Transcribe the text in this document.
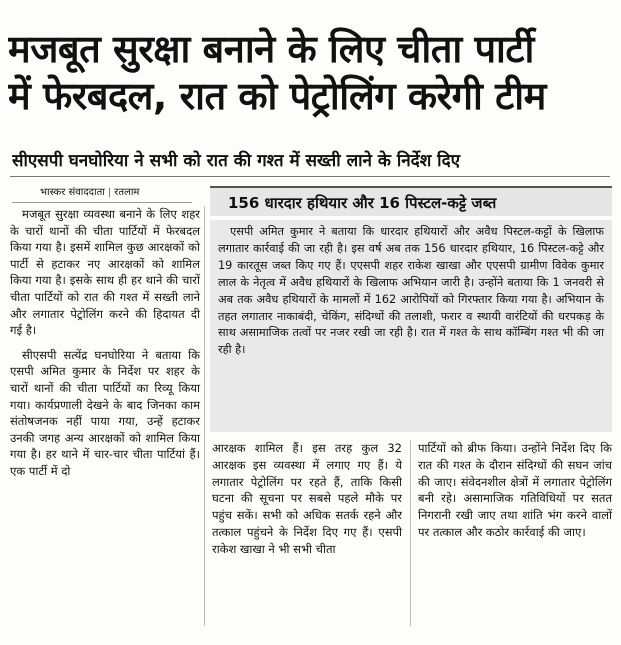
मजबूत सुरक्षा बनाने के लिए चीता पार्टी
में फेरबदल, रात को पेट्रोलिंग करेगी टीम
सीएसपी घनघोरिया ने सभी को रात की गश्त में सख्ती लाने के निर्देश दिए
भास्कर संवाददाता | रतलाम

मजबूत सुरक्षा व्यवस्था बनाने के लिए शहर के चारों थानों की चीता पार्टियों में फेरबदल किया गया है। इसमें शामिल कुछ आरक्षकों को पार्टी से हटाकर नए आरक्षकों को शामिल किया गया है। इसके साथ ही हर थाने की चारों चीता पार्टियों को रात की गश्त में सख्ती लाने और लगातार पेट्रोलिंग करने की हिदायत दी गई है।

सीएसपी सत्येंद्र घनघोरिया ने बताया कि एसपी अमित कुमार के निर्देश पर शहर के चारों थानों की चीता पार्टियों का रिव्यू किया गया। कार्यप्रणाली देखने के बाद जिनका काम संतोषजनक नहीं पाया गया, उन्हें हटाकर उनकी जगह अन्य आरक्षकों को शामिल किया गया है। हर थाने में चार-चार चीता पार्टियां हैं। एक पार्टी में दो

156 धारदार हथियार और 16 पिस्टल-कट्टे जब्त

एसपी अमित कुमार ने बताया कि धारदार हथियारों और अवैध पिस्टल-कट्टों के खिलाफ लगातार कार्रवाई की जा रही है। इस वर्ष अब तक 156 धारदार हथियार, 16 पिस्टल-कट्टे और 19 कारतूस जब्त किए गए हैं। एएसपी शहर राकेश खाखा और एएसपी ग्रामीण विवेक कुमार लाल के नेतृत्व में अवैध हथियारों के खिलाफ अभियान जारी है। उन्होंने बताया कि 1 जनवरी से अब तक अवैध हथियारों के मामलों में 162 आरोपियों को गिरफ्तार किया गया है। अभियान के तहत लगातार नाकाबंदी, चेकिंग, संदिग्धों की तलाशी, फरार व स्थायी वारंटियों की धरपकड़ के साथ असामाजिक तत्वों पर नजर रखी जा रही है। रात में गश्त के साथ कॉम्बिंग गश्त भी की जा रही है।

आरक्षक शामिल हैं। इस तरह कुल 32 आरक्षक इस व्यवस्था में लगाए गए हैं। ये लगातार पेट्रोलिंग पर रहते हैं, ताकि किसी घटना की सूचना पर सबसे पहले मौके पर पहुंच सकें। सभी को अधिक सतर्क रहने और तत्काल पहुंचने के निर्देश दिए गए हैं। एसपी राकेश खाखा ने भी सभी चीता

पार्टियों को ब्रीफ किया। उन्होंने निर्देश दिए कि रात की गश्त के दौरान संदिग्धों की सघन जांच की जाए। संवेदनशील क्षेत्रों में लगातार पेट्रोलिंग बनी रहे। असामाजिक गतिविधियों पर सतत निगरानी रखी जाए तथा शांति भंग करने वालों पर तत्काल और कठोर कार्रवाई की जाए।
